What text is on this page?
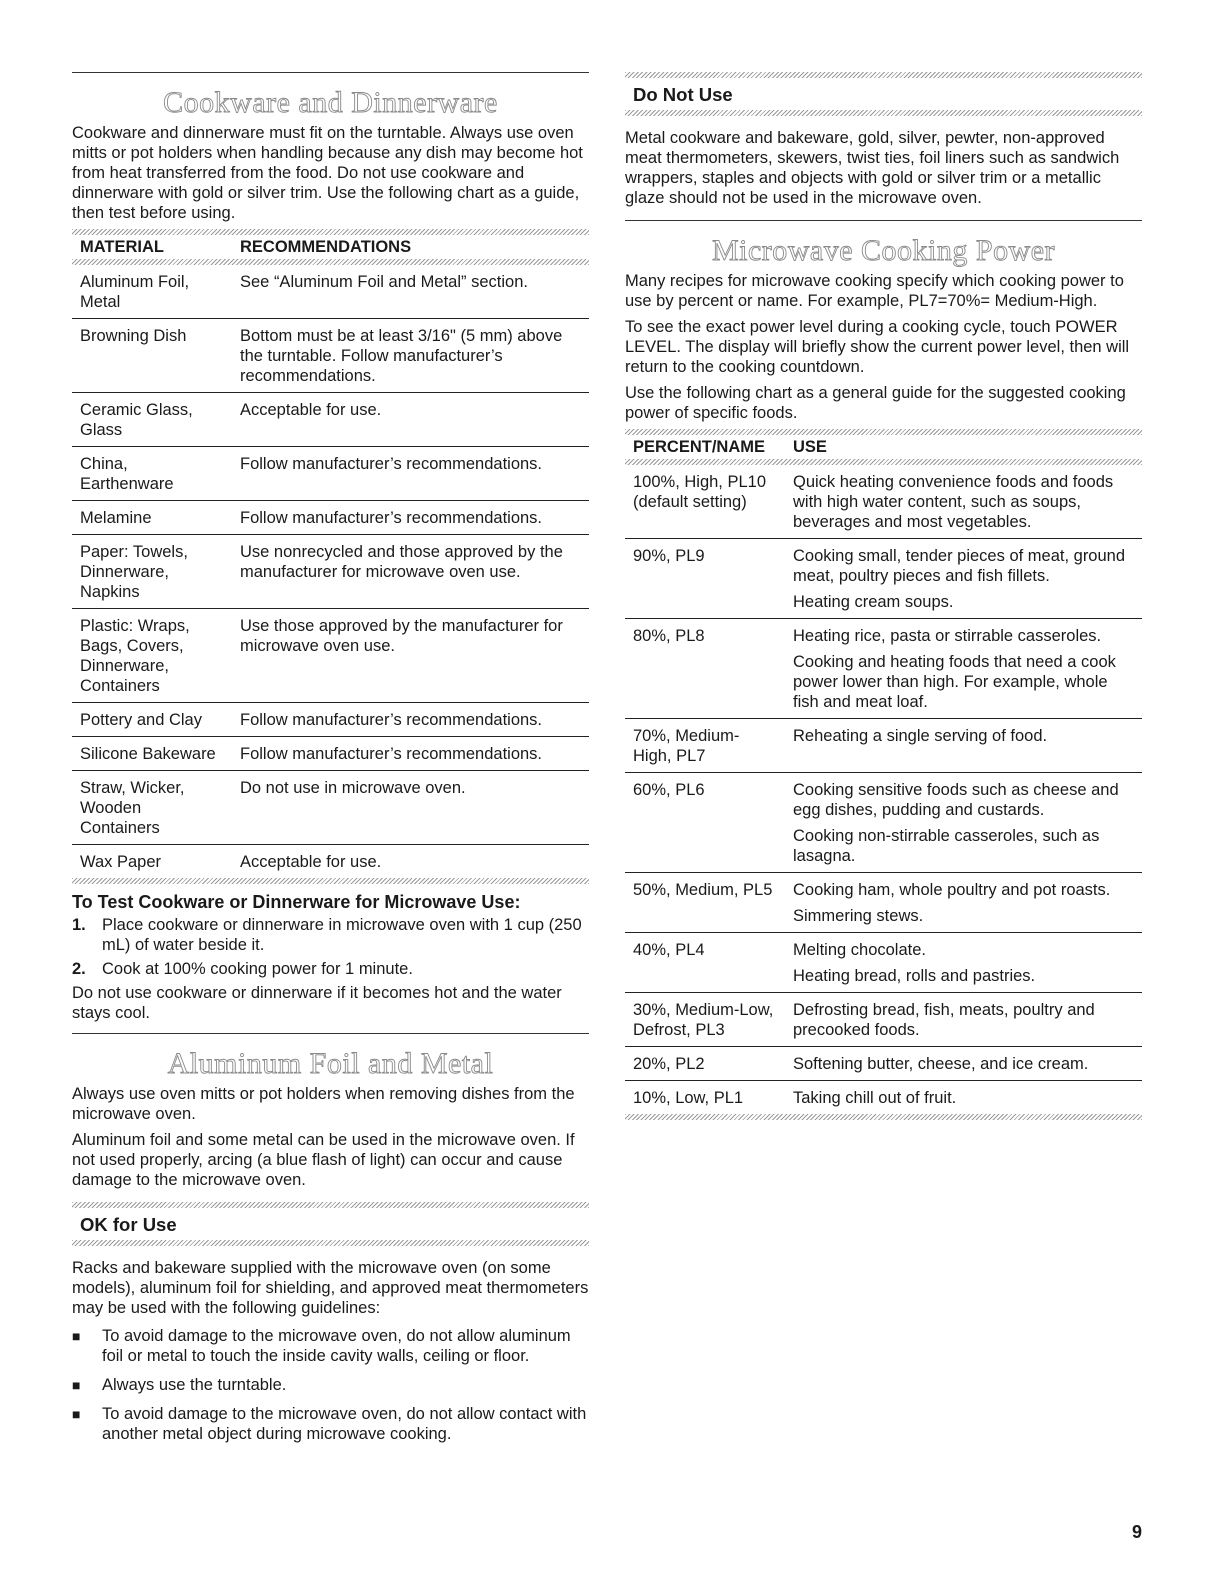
Cookware and Dinnerware

Cookware and dinnerware must fit on the turntable. Always use oven mitts or pot holders when handling because any dish may become hot from heat transferred from the food. Do not use cookware and dinnerware with gold or silver trim. Use the following chart as a guide, then test before using.

MATERIAL	RECOMMENDATIONS

Aluminum Foil, Metal	See “Aluminum Foil and Metal” section.
Browning Dish	Bottom must be at least 3/16" (5 mm) above the turntable. Follow manufacturer’s recommendations.
Ceramic Glass, Glass	Acceptable for use.
China, Earthenware	Follow manufacturer’s recommendations.
Melamine	Follow manufacturer’s recommendations.
Paper: Towels, Dinnerware, Napkins	Use nonrecycled and those approved by the manufacturer for microwave oven use.
Plastic: Wraps, Bags, Covers, Dinnerware, Containers	Use those approved by the manufacturer for microwave oven use.
Pottery and Clay	Follow manufacturer’s recommendations.
Silicone Bakeware	Follow manufacturer’s recommendations.
Straw, Wicker, Wooden Containers	Do not use in microwave oven.
Wax Paper	Acceptable for use.
To Test Cookware or Dinnerware for Microwave Use:
1. Place cookware or dinnerware in microwave oven with 1 cup (250 mL) of water beside it.
2. Cook at 100% cooking power for 1 minute.

Do not use cookware or dinnerware if it becomes hot and the water stays cool.

Aluminum Foil and Metal

Always use oven mitts or pot holders when removing dishes from the microwave oven.

Aluminum foil and some metal can be used in the microwave oven. If not used properly, arcing (a blue flash of light) can occur and cause damage to the microwave oven.

OK for Use

Racks and bakeware supplied with the microwave oven (on some models), aluminum foil for shielding, and approved meat thermometers may be used with the following guidelines:

■ To avoid damage to the microwave oven, do not allow aluminum foil or metal to touch the inside cavity walls, ceiling or floor.
■ Always use the turntable.
■ To avoid damage to the microwave oven, do not allow contact with another metal object during microwave cooking.
Do Not Use

Metal cookware and bakeware, gold, silver, pewter, non-approved meat thermometers, skewers, twist ties, foil liners such as sandwich wrappers, staples and objects with gold or silver trim or a metallic glaze should not be used in the microwave oven.

Microwave Cooking Power

Many recipes for microwave cooking specify which cooking power to use by percent or name. For example, PL7=70%= Medium-High.

To see the exact power level during a cooking cycle, touch POWER LEVEL. The display will briefly show the current power level, then will return to the cooking countdown.

Use the following chart as a general guide for the suggested cooking power of specific foods.

PERCENT/NAME	USE

100%, High, PL10 (default setting)	Quick heating convenience foods and foods with high water content, such as soups, beverages and most vegetables.

90%, PL9	Cooking small, tender pieces of meat, ground meat, poultry pieces and fish fillets.
Heating cream soups.

80%, PL8	Heating rice, pasta or stirrable casseroles.
Cooking and heating foods that need a cook power lower than high. For example, whole fish and meat loaf.

70%, Medium-High, PL7	Reheating a single serving of food.

60%, PL6	Cooking sensitive foods such as cheese and egg dishes, pudding and custards.
Cooking non-stirrable casseroles, such as lasagna.

50%, Medium, PL5	Cooking ham, whole poultry and pot roasts.
Simmering stews.

40%, PL4	Melting chocolate.
Heating bread, rolls and pastries.

30%, Medium-Low, Defrost, PL3	Defrosting bread, fish, meats, poultry and precooked foods.

20%, PL2	Softening butter, cheese, and ice cream.

10%, Low, PL1	Taking chill out of fruit.
9
